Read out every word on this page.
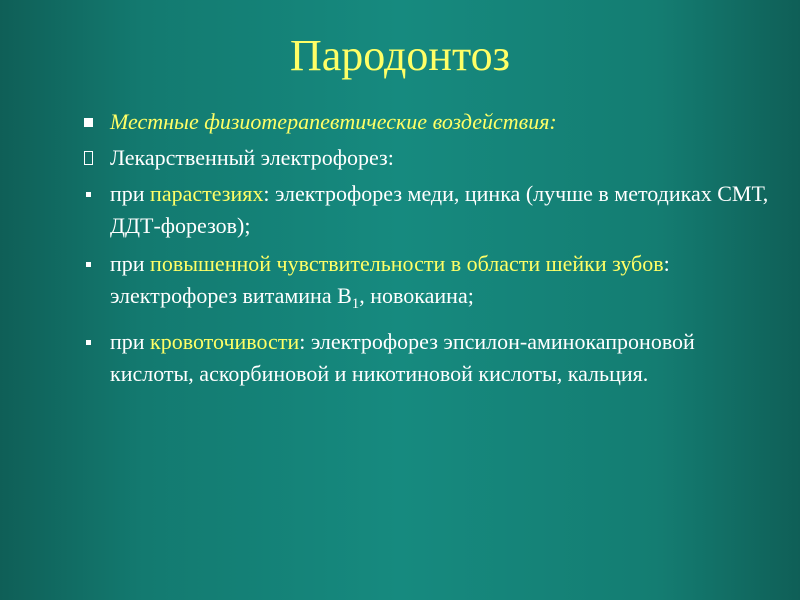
Пародонтоз
Местные физиотерапевтические воздействия:
Лекарственный электрофорез:
при парастезиях: электрофорез меди, цинка (лучше в методиках СМТ, ДДТ-форезов);
при повышенной чувствительности в области шейки зубов: электрофорез витамина $В_1$, новокаина;
при кровоточивости: электрофорез эпсилон-аминокапроновой кислоты, аскорбиновой и никотиновой кислоты, кальция.
